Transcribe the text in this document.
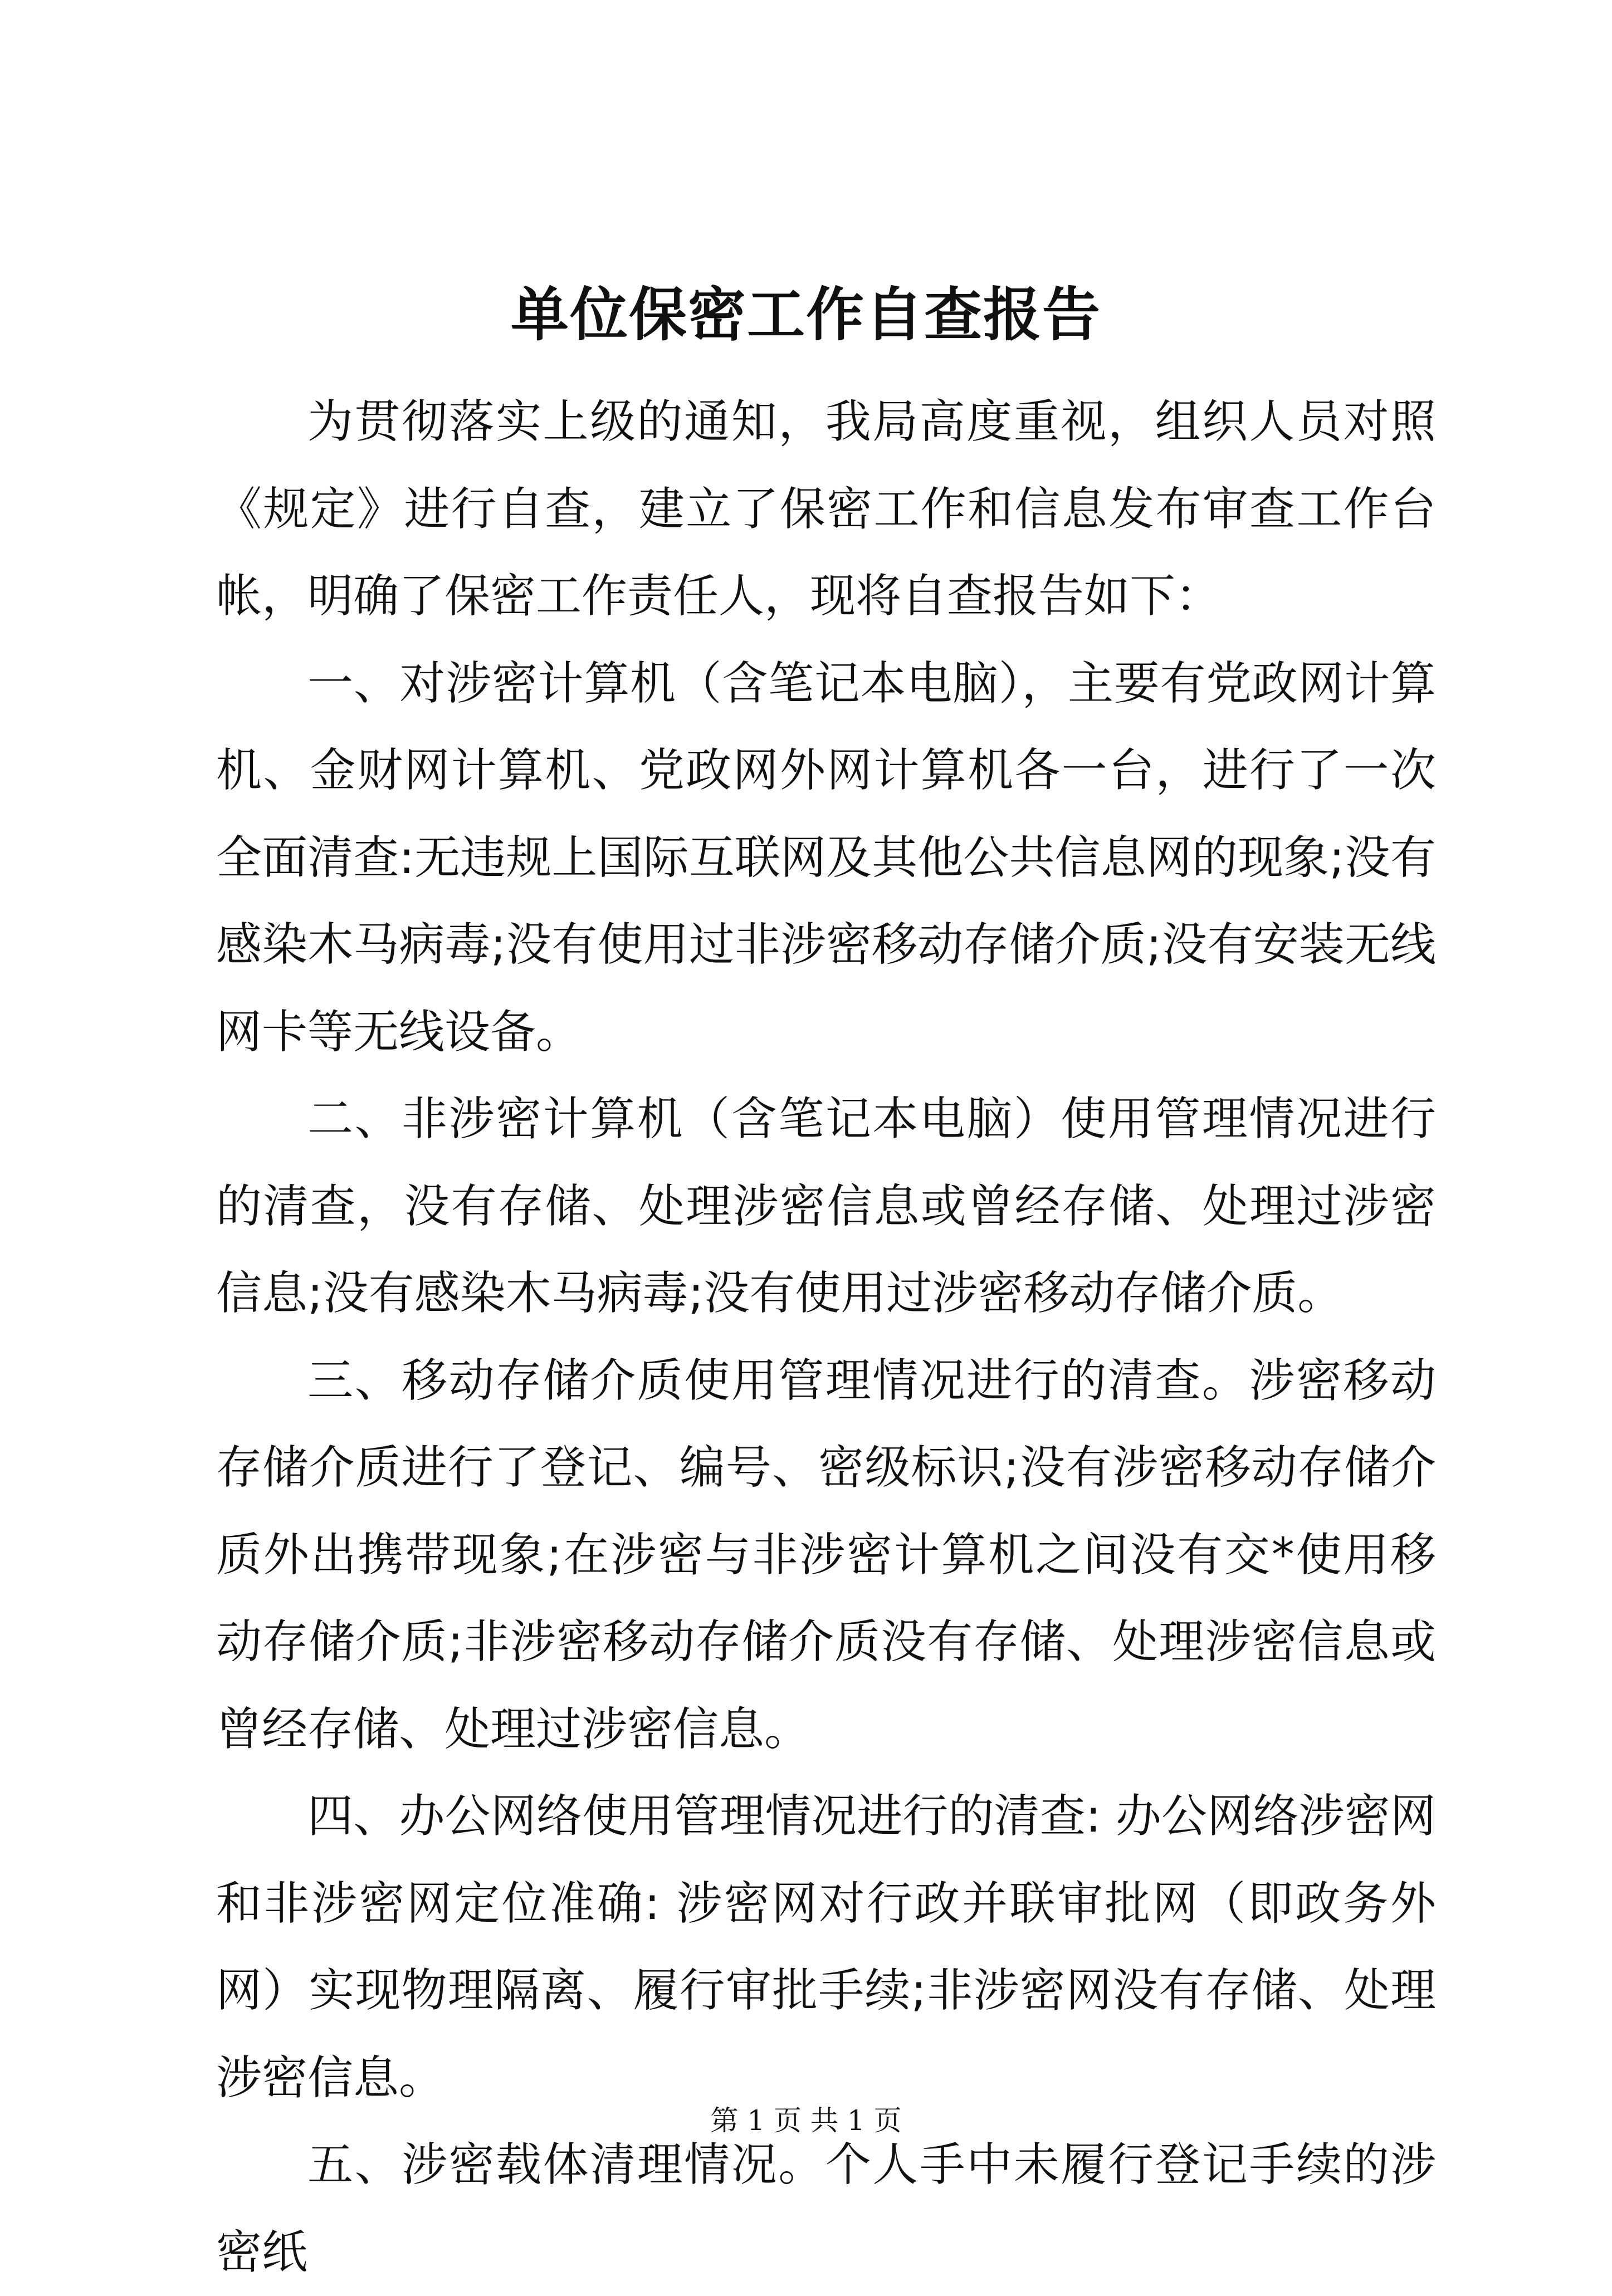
单位保密工作自查报告

为贯彻落实上级的通知，我局高度重视，组织人员对照《规定》进行自查，建立了保密工作和信息发布审查工作台帐，明确了保密工作责任人，现将自查报告如下：

一、对涉密计算机（含笔记本电脑），主要有党政网计算机、金财网计算机、党政网外网计算机各一台，进行了一次全面清查:无违规上国际互联网及其他公共信息网的现象;没有感染木马病毒;没有使用过非涉密移动存储介质;没有安装无线网卡等无线设备。

二、非涉密计算机（含笔记本电脑）使用管理情况进行的清查，没有存储、处理涉密信息或曾经存储、处理过涉密信息;没有感染木马病毒;没有使用过涉密移动存储介质。

三、移动存储介质使用管理情况进行的清查。涉密移动存储介质进行了登记、编号、密级标识;没有涉密移动存储介质外出携带现象;在涉密与非涉密计算机之间没有交*使用移动存储介质;非涉密移动存储介质没有存储、处理涉密信息或曾经存储、处理过涉密信息。

四、办公网络使用管理情况进行的清查: 办公网络涉密网和非涉密网定位准确: 涉密网对行政并联审批网（即政务外网）实现物理隔离、履行审批手续;非涉密网没有存储、处理涉密信息。

五、涉密载体清理情况。个人手中未履行登记手续的涉密纸

第 1 页 共 1 页
